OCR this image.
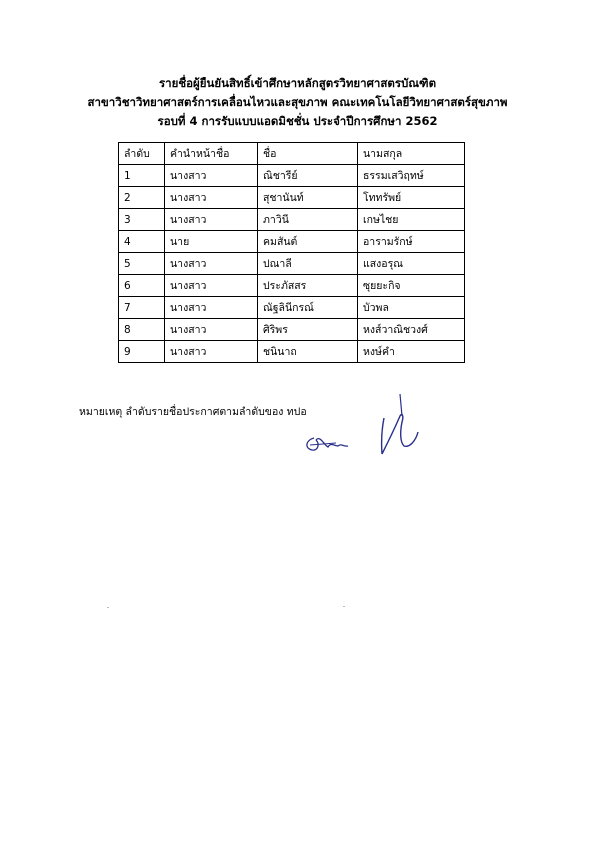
รายชื่อผู้ยืนยันสิทธิ์เข้าศึกษาหลักสูตรวิทยาศาสตรบัณฑิต
สาขาวิชาวิทยาศาสตร์การเคลื่อนไหวและสุขภาพ คณะเทคโนโลยีวิทยาศาสตร์สุขภาพ
รอบที่ 4 การรับแบบแอดมิชชั่น ประจำปีการศึกษา 2562
ลำดับ	คำนำหน้าชื่อ	ชื่อ	นามสกุล
1	นางสาว	ณิชารีย์	ธรรมเสวิฤทษ์
2	นางสาว	สุชานันท์	โททรัพย์
3	นางสาว	ภาวินี	เกษไชย
4	นาย	คมสันต์	อารามรักษ์
5	นางสาว	ปณาลี	แสงอรุณ
6	นางสาว	ประภัสสร	ซุยยะกิจ
7	นางสาว	ณัฐลินีกรณ์	บัวพล
8	นางสาว	ศิริพร	หงส์วาณิชวงศ์
9	นางสาว	ชนินาถ	หงษ์คำ
หมายเหตุ ลำดับรายชื่อประกาศตามลำดับของ ทปอ
